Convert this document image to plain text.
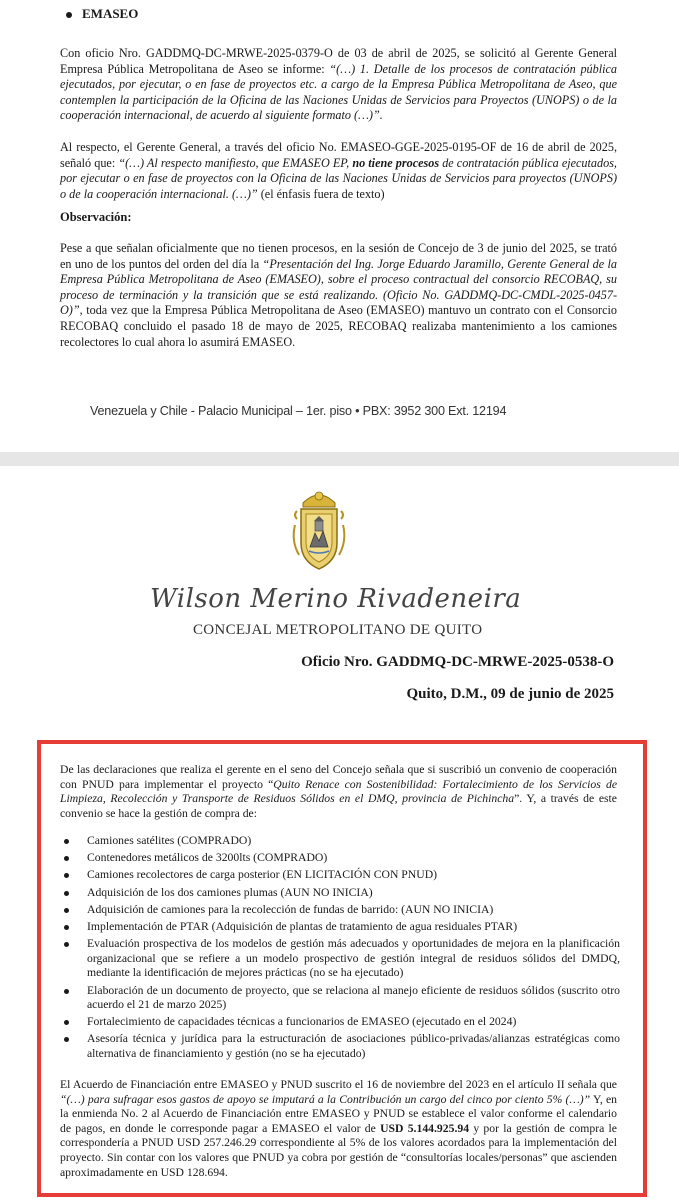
EMASEO

Con oficio Nro. GADDMQ-DC-MRWE-2025-0379-O de 03 de abril de 2025, se solicitó al Gerente General Empresa Pública Metropolitana de Aseo se informe: “(…) 1. Detalle de los procesos de contratación pública ejecutados, por ejecutar, o en fase de proyectos etc. a cargo de la Empresa Pública Metropolitana de Aseo, que contemplen la participación de la Oficina de las Naciones Unidas de Servicios para Proyectos (UNOPS) o de la cooperación internacional, de acuerdo al siguiente formato (…)”.

Al respecto, el Gerente General, a través del oficio No. EMASEO-GGE-2025-0195-OF de 16 de abril de 2025, señaló que: “(…) Al respecto manifiesto, que EMASEO EP, no tiene procesos de contratación pública ejecutados, por ejecutar o en fase de proyectos con la Oficina de las Naciones Unidas de Servicios para proyectos (UNOPS) o de la cooperación internacional. (…)” (el énfasis fuera de texto)

Observación:

Pese a que señalan oficialmente que no tienen procesos, en la sesión de Concejo de 3 de junio del 2025, se trató en uno de los puntos del orden del día la “Presentación del Ing. Jorge Eduardo Jaramillo, Gerente General de la Empresa Pública Metropolitana de Aseo (EMASEO), sobre el proceso contractual del consorcio RECOBAQ, su proceso de terminación y la transición que se está realizando. (Oficio No. GADDMQ-DC-CMDL-2025-0457-O)”, toda vez que la Empresa Pública Metropolitana de Aseo (EMASEO) mantuvo un contrato con el Consorcio RECOBAQ concluido el pasado 18 de mayo de 2025, RECOBAQ realizaba mantenimiento a los camiones recolectores lo cual ahora lo asumirá EMASEO.

Venezuela y Chile - Palacio Municipal – 1er. piso • PBX: 3952 300 Ext. 12194
Wilson Merino Rivadeneira
CONCEJAL METROPOLITANO DE QUITO
Oficio Nro. GADDMQ-DC-MRWE-2025-0538-O
Quito, D.M., 09 de junio de 2025

De las declaraciones que realiza el gerente en el seno del Concejo señala que si suscribió un convenio de cooperación con PNUD para implementar el proyecto “Quito Renace con Sostenibilidad: Fortalecimiento de los Servicios de Limpieza, Recolección y Transporte de Residuos Sólidos en el DMQ, provincia de Pichincha”. Y, a través de este convenio se hace la gestión de compra de:

Camiones satélites (COMPRADO)
Contenedores metálicos de 3200lts (COMPRADO)
Camiones recolectores de carga posterior (EN LICITACIÓN CON PNUD)
Adquisición de los dos camiones plumas (AUN NO INICIA)
Adquisición de camiones para la recolección de fundas de barrido: (AUN NO INICIA)
Implementación de PTAR (Adquisición de plantas de tratamiento de agua residuales PTAR)
Evaluación prospectiva de los modelos de gestión más adecuados y oportunidades de mejora en la planificación organizacional que se refiere a un modelo prospectivo de gestión integral de residuos sólidos del DMDQ, mediante la identificación de mejores prácticas (no se ha ejecutado)
Elaboración de un documento de proyecto, que se relaciona al manejo eficiente de residuos sólidos (suscrito otro acuerdo el 21 de marzo 2025)
Fortalecimiento de capacidades técnicas a funcionarios de EMASEO (ejecutado en el 2024)
Asesoría técnica y jurídica para la estructuración de asociaciones público-privadas/alianzas estratégicas como alternativa de financiamiento y gestión (no se ha ejecutado)

El Acuerdo de Financiación entre EMASEO y PNUD suscrito el 16 de noviembre del 2023 en el artículo II señala que “(…) para sufragar esos gastos de apoyo se imputará a la Contribución un cargo del cinco por ciento 5% (…)” Y, en la enmienda No. 2 al Acuerdo de Financiación entre EMASEO y PNUD se establece el valor conforme el calendario de pagos, en donde le corresponde pagar a EMASEO el valor de USD 5.144.925.94 y por la gestión de compra le correspondería a PNUD USD 257.246.29 correspondiente al 5% de los valores acordados para la implementación del proyecto. Sin contar con los valores que PNUD ya cobra por gestión de “consultorías locales/personas” que ascienden aproximadamente en USD 128.694.
